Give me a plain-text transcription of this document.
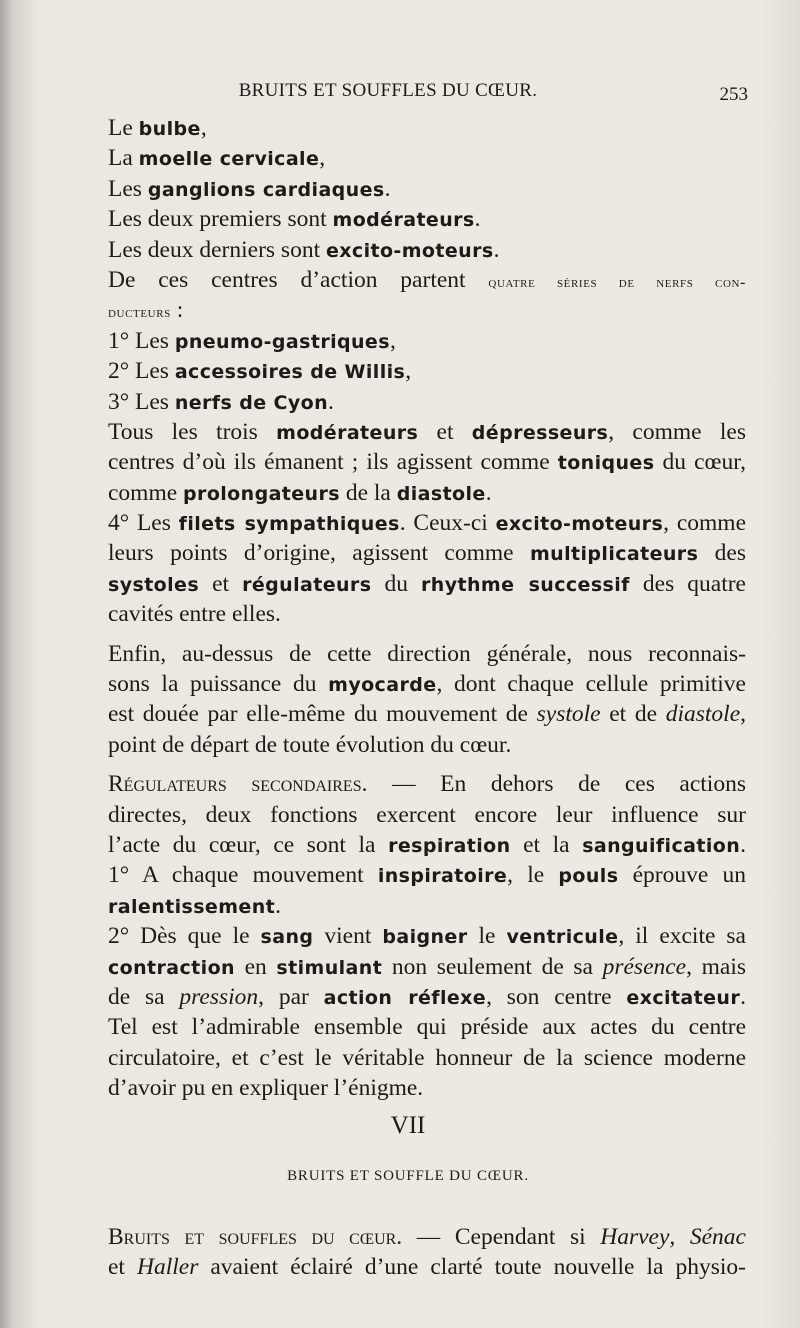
BRUITS ET SOUFFLES DU CŒUR.	253
Le bulbe,
La moelle cervicale,
Les ganglions cardiaques.
Les deux premiers sont modérateurs.
Les deux derniers sont excito-moteurs.
De ces centres d’action partent quatre séries de nerfs con-
ducteurs :
1° Les pneumo-gastriques,
2° Les accessoires de Willis,
3° Les nerfs de Cyon.
Tous les trois modérateurs et dépresseurs, comme les
centres d’où ils émanent ; ils agissent comme toniques du cœur,
comme prolongateurs de la diastole.
4° Les filets sympathiques. Ceux-ci excito-moteurs, comme
leurs points d’origine, agissent comme multiplicateurs des
systoles et régulateurs du rhythme successif des quatre
cavités entre elles.
Enfin, au-dessus de cette direction générale, nous reconnais-
sons la puissance du myocarde, dont chaque cellule primitive
est douée par elle-même du mouvement de systole et de diastole,
point de départ de toute évolution du cœur.
Régulateurs secondaires. — En dehors de ces actions
directes, deux fonctions exercent encore leur influence sur
l’acte du cœur, ce sont la respiration et la sanguification.
1° A chaque mouvement inspiratoire, le pouls éprouve un
ralentissement.
2° Dès que le sang vient baigner le ventricule, il excite sa
contraction en stimulant non seulement de sa présence, mais
de sa pression, par action réflexe, son centre excitateur.
Tel est l’admirable ensemble qui préside aux actes du centre
circulatoire, et c’est le véritable honneur de la science moderne
d’avoir pu en expliquer l’énigme.
VII
BRUITS ET SOUFFLE DU CŒUR.
Bruits et souffles du cœur. — Cependant si Harvey, Sénac
et Haller avaient éclairé d’une clarté toute nouvelle la physio-
